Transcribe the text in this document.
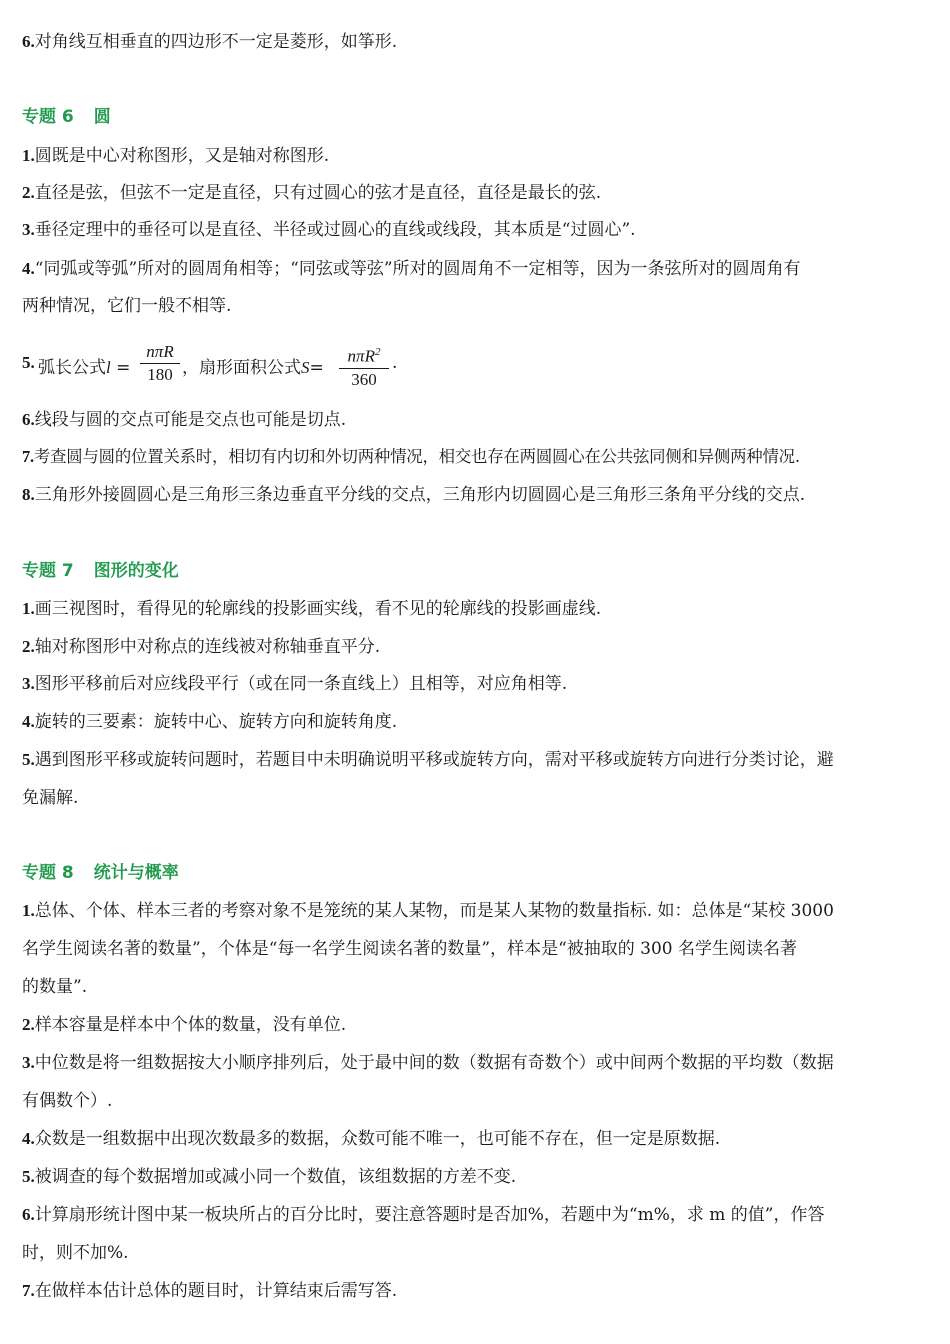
6.对角线互相垂直的四边形不一定是菱形，如筝形.
专题 6 圆
1.圆既是中心对称图形，又是轴对称图形.
2.直径是弦，但弦不一定是直径，只有过圆心的弦才是直径，直径是最长的弦.
3.垂径定理中的垂径可以是直径、半径或过圆心的直线或线段，其本质是“过圆心”.
4.“同弧或等弧”所对的圆周角相等；“同弦或等弦”所对的圆周角不一定相等，因为一条弦所对的圆周角有
两种情况，它们一般不相等.
5. 弧长公式l =
nπR
180 ，扇形面积公式S=
nπR$^2$
360
.
6.线段与圆的交点可能是交点也可能是切点.
7.考查圆与圆的位置关系时，相切有内切和外切两种情况，相交也存在两圆圆心在公共弦同侧和异侧两种情况.
8.三角形外接圆圆心是三角形三条边垂直平分线的交点，三角形内切圆圆心是三角形三条角平分线的交点.
专题 7 图形的变化
1.画三视图时，看得见的轮廓线的投影画实线，看不见的轮廓线的投影画虚线.
2.轴对称图形中对称点的连线被对称轴垂直平分.
3.图形平移前后对应线段平行（或在同一条直线上）且相等，对应角相等.
4.旋转的三要素：旋转中心、旋转方向和旋转角度.
5.遇到图形平移或旋转问题时，若题目中未明确说明平移或旋转方向，需对平移或旋转方向进行分类讨论，避
免漏解.
专题 8 统计与概率
1.总体、个体、样本三者的考察对象不是笼统的某人某物，而是某人某物的数量指标. 如：总体是“某校 3000
名学生阅读名著的数量”，个体是“每一名学生阅读名著的数量”，样本是“被抽取的 300 名学生阅读名著
的数量”.
2.样本容量是样本中个体的数量，没有单位.
3.中位数是将一组数据按大小顺序排列后，处于最中间的数（数据有奇数个）或中间两个数据的平均数（数据
有偶数个）.
4.众数是一组数据中出现次数最多的数据，众数可能不唯一，也可能不存在，但一定是原数据.
5.被调查的每个数据增加或减小同一个数值，该组数据的方差不变.
6.计算扇形统计图中某一板块所占的百分比时，要注意答题时是否加%，若题中为“m%，求 m 的值”，作答
时，则不加%.
7.在做样本估计总体的题目时，计算结束后需写答.
